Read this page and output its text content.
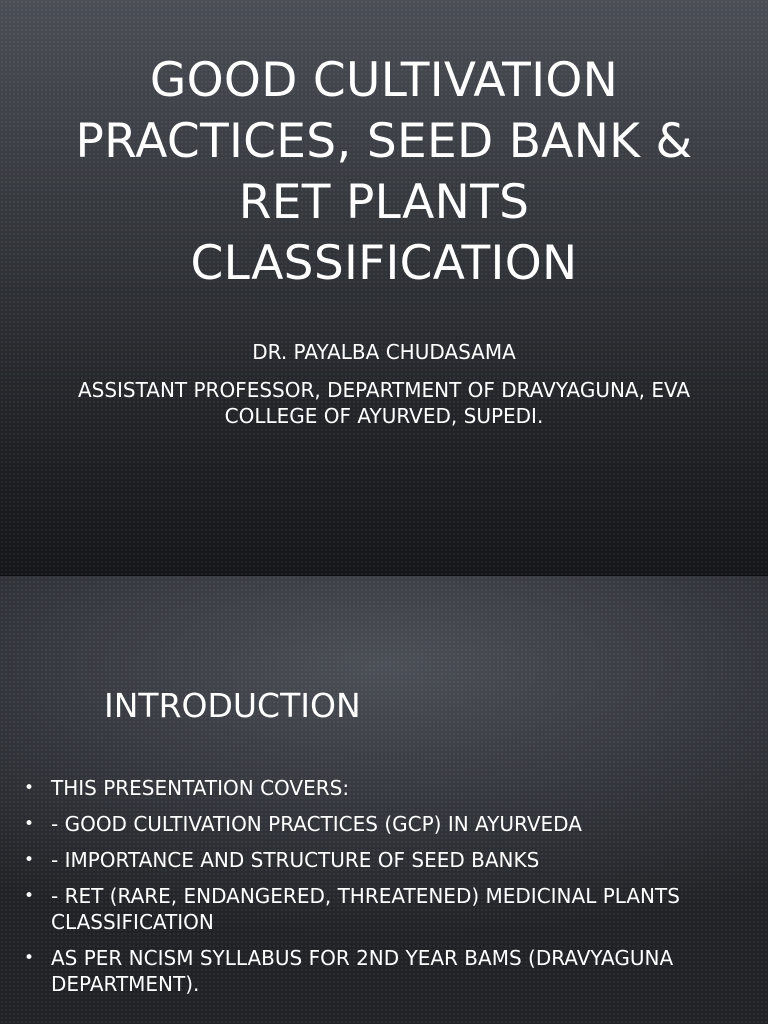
GOOD CULTIVATION
PRACTICES, SEED BANK &
RET PLANTS
CLASSIFICATION

DR. PAYALBA CHUDASAMA

ASSISTANT PROFESSOR, DEPARTMENT OF DRAVYAGUNA, EVA
COLLEGE OF AYURVED, SUPEDI.

INTRODUCTION
• THIS PRESENTATION COVERS:
• - GOOD CULTIVATION PRACTICES (GCP) IN AYURVEDA
• - IMPORTANCE AND STRUCTURE OF SEED BANKS
• - RET (RARE, ENDANGERED, THREATENED) MEDICINAL PLANTS
CLASSIFICATION
• AS PER NCISM SYLLABUS FOR 2ND YEAR BAMS (DRAVYAGUNA
DEPARTMENT).
